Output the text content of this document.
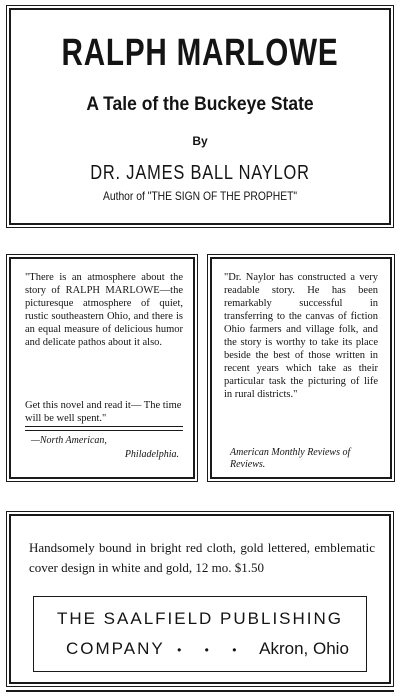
RALPH MARLOWE
A Tale of the Buckeye State
By
DR. JAMES BALL NAYLOR
Author of "THE SIGN OF THE PROPHET"
"There is an atmosphere about the story of RALPH MARLOWE—the picturesque atmosphere of quiet, rustic southeastern Ohio, and there is an equal measure of delicious humor and delicate pathos about it also.
Get this novel and read it— The time will be well spent."
—North American,
Philadelphia.
"Dr. Naylor has constructed a very readable story. He has been remarkably successful in transferring to the canvas of fiction Ohio farmers and village folk, and the story is worthy to take its place beside the best of those written in recent years which take as their particular task the picturing of life in rural districts."
American Monthly Reviews of Reviews.
Handsomely bound in bright red cloth, gold lettered, emblematic cover design in white and gold, 12 mo. $1.50
THE SAALFIELD PUBLISHING
COMPANY • • • Akron, Ohio
